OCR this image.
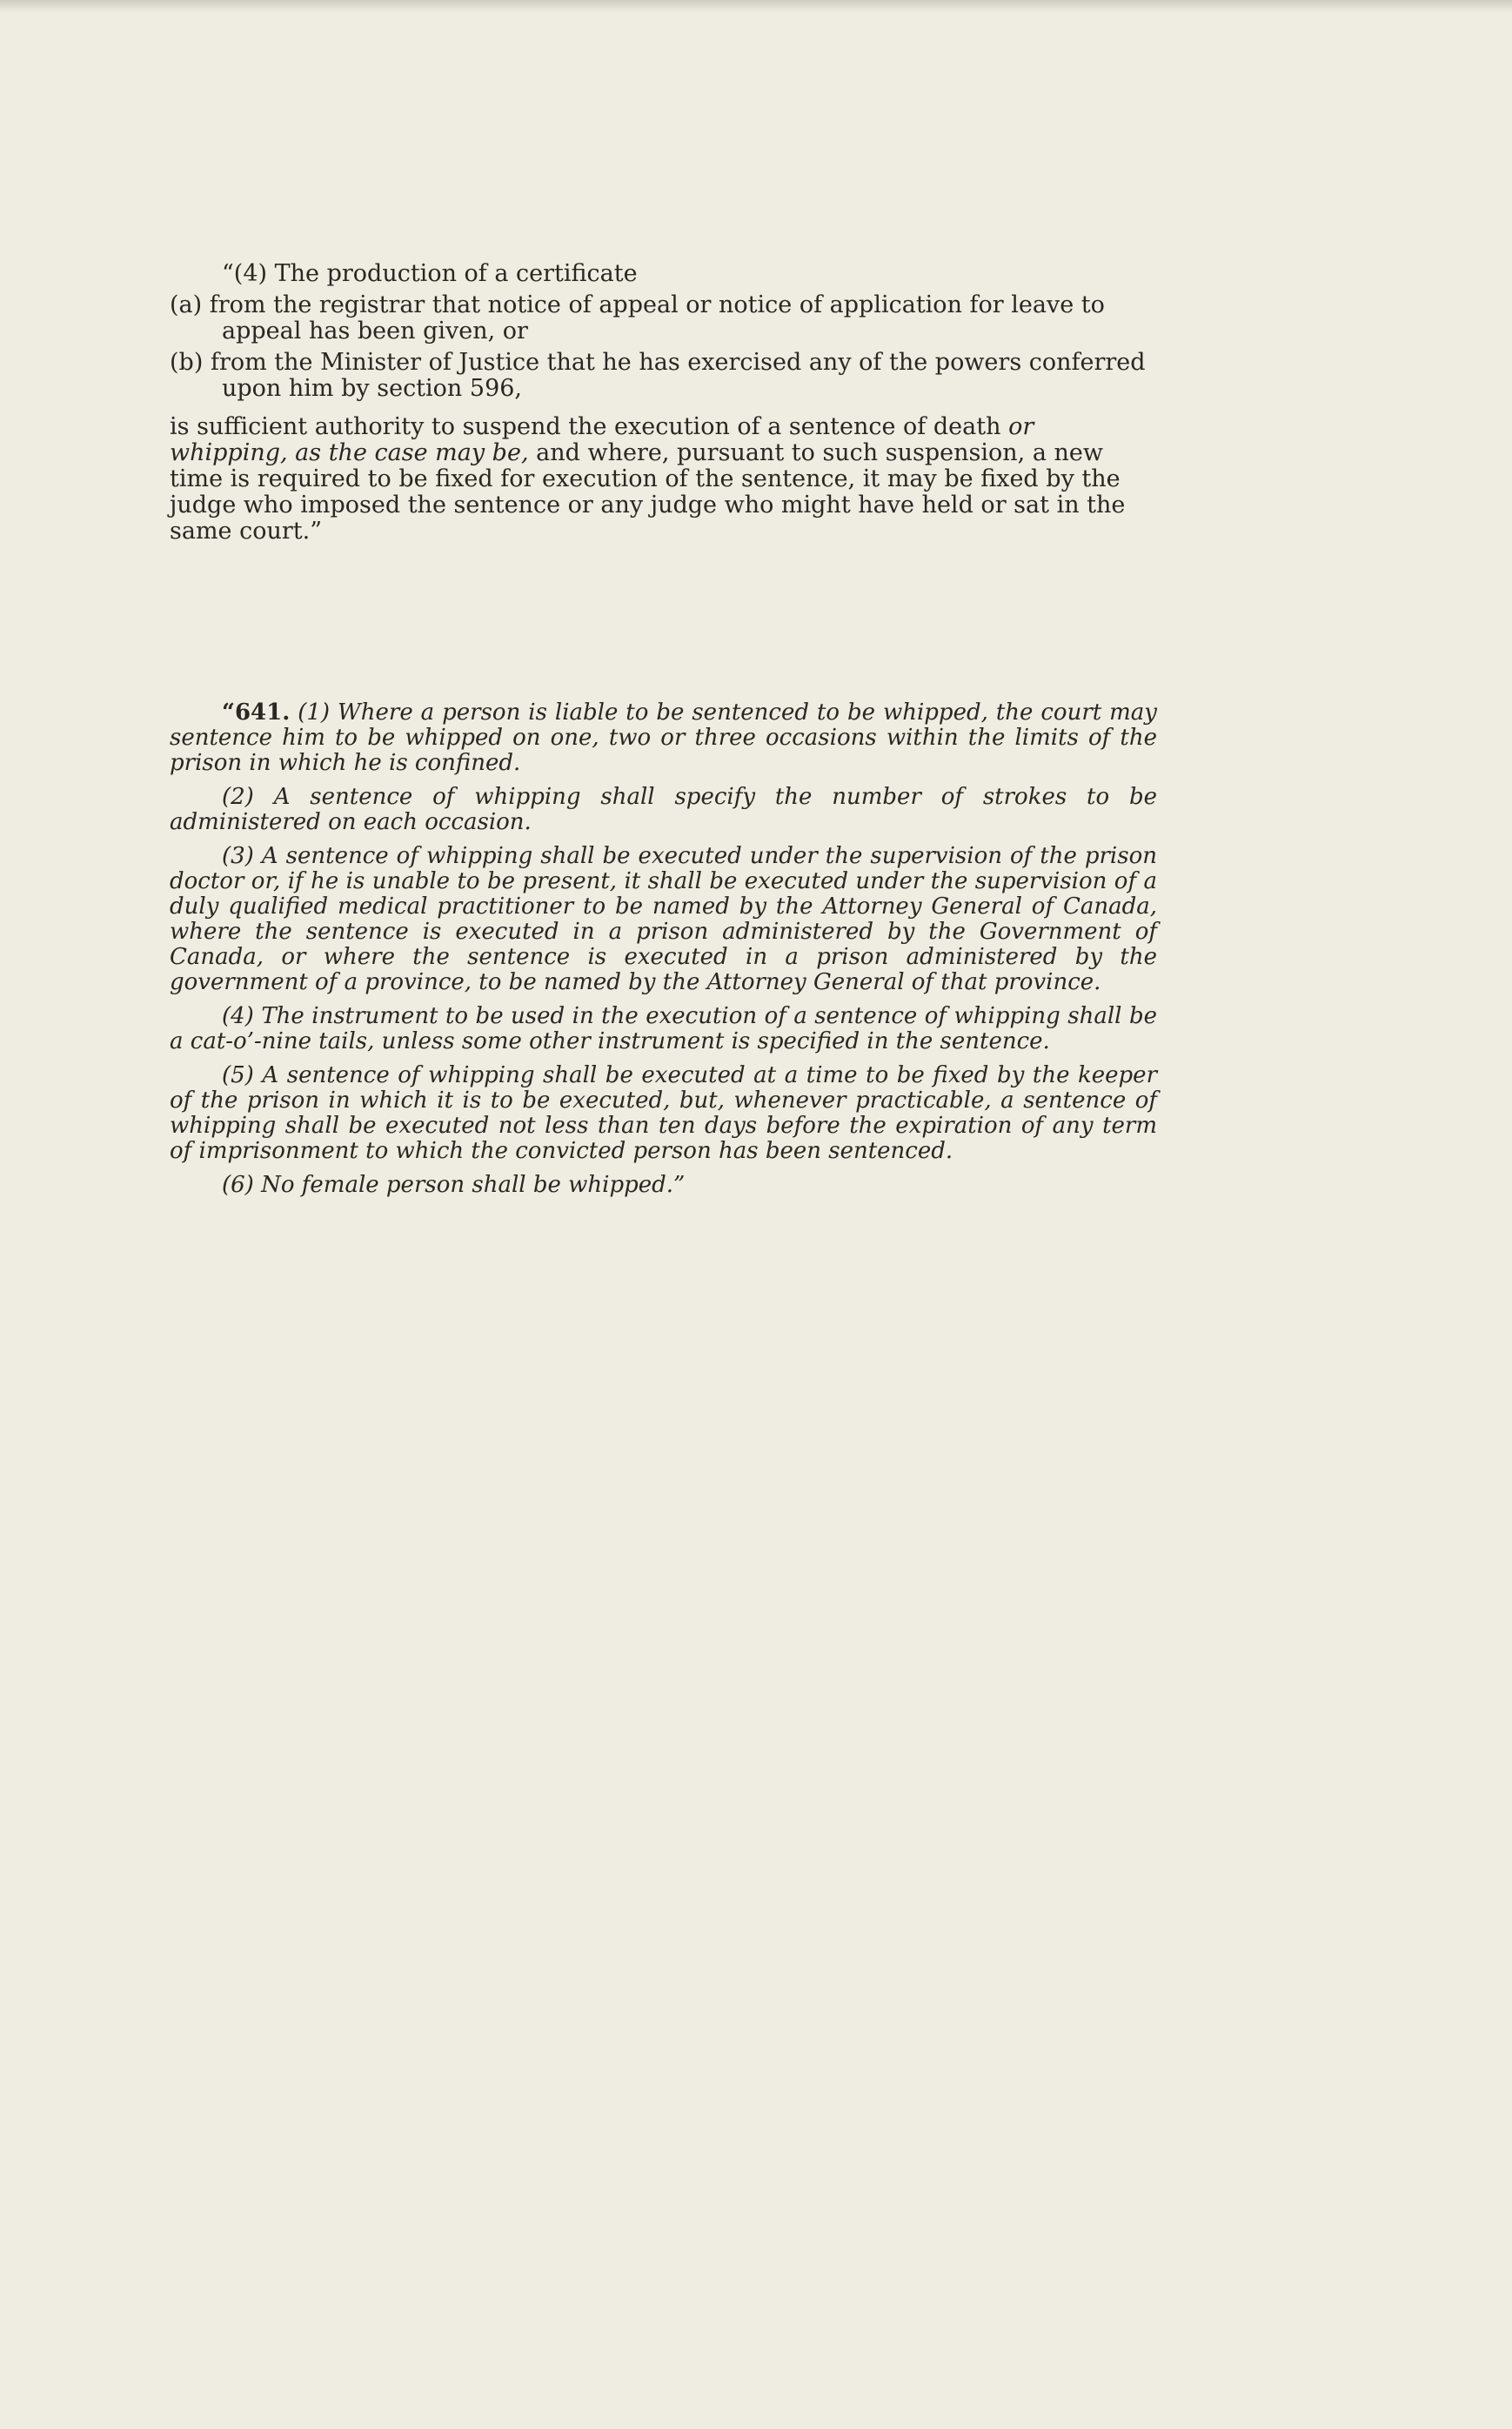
“(4) The production of a certificate

(a) from the registrar that notice of appeal or notice of application for leave to appeal has been given, or
(b) from the Minister of Justice that he has exercised any of the powers conferred upon him by section 596,

is sufficient authority to suspend the execution of a sentence of death or whipping, as the case may be, and where, pursuant to such suspension, a new time is required to be fixed for execution of the sentence, it may be fixed by the judge who imposed the sentence or any judge who might have held or sat in the same court.”

“641. (1) Where a person is liable to be sentenced to be whipped, the court may sentence him to be whipped on one, two or three occasions within the limits of the prison in which he is confined.

(2) A sentence of whipping shall specify the number of strokes to be administered on each occasion.

(3) A sentence of whipping shall be executed under the supervision of the prison doctor or, if he is unable to be present, it shall be executed under the supervision of a duly qualified medical practitioner to be named by the Attorney General of Canada, where the sentence is executed in a prison administered by the Government of Canada, or where the sentence is executed in a prison administered by the government of a province, to be named by the Attorney General of that province.

(4) The instrument to be used in the execution of a sentence of whipping shall be a cat-o’-nine tails, unless some other instrument is specified in the sentence.

(5) A sentence of whipping shall be executed at a time to be fixed by the keeper of the prison in which it is to be executed, but, whenever practicable, a sentence of whipping shall be executed not less than ten days before the expiration of any term of imprisonment to which the convicted person has been sentenced.

(6) No female person shall be whipped.”
